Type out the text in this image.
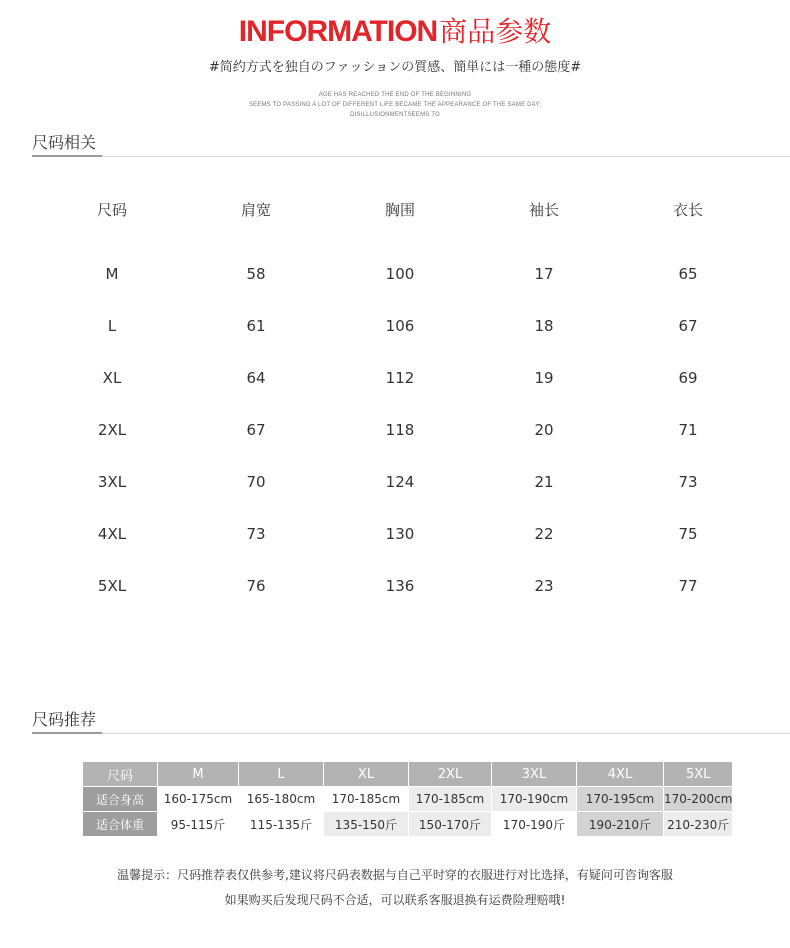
INFORMATION商品参数
#简约方式を独自のファッションの質感、簡単には一種の態度#
AGE HAS REACHED THE END OF THE BEGINNING
SEEMS TO PASSING A LOT OF DIFFERENT LIFE BECAME THE APPEARANCE OF THE SAME DAY;
DISILLUSIONMENTSEEMS TO
尺码相关
尺码	肩宽	胸围	袖长	衣长
M	58	100	17	65
L	61	106	18	67
XL	64	112	19	69
2XL	67	118	20	71
3XL	70	124	21	73
4XL	73	130	22	75
5XL	76	136	23	77
尺码推荐
尺码	M	L	XL	2XL	3XL	4XL	5XL
适合身高	160-175cm	165-180cm	170-185cm	170-185cm	170-190cm	170-195cm	170-200cm
适合体重	95-115斤	115-135斤	135-150斤	150-170斤	170-190斤	190-210斤	210-230斤
温馨提示：尺码推荐表仅供参考,建议将尺码表数据与自己平时穿的衣服进行对比选择，有疑问可咨询客服
如果购买后发现尺码不合适，可以联系客服退换有运费险理赔哦!
